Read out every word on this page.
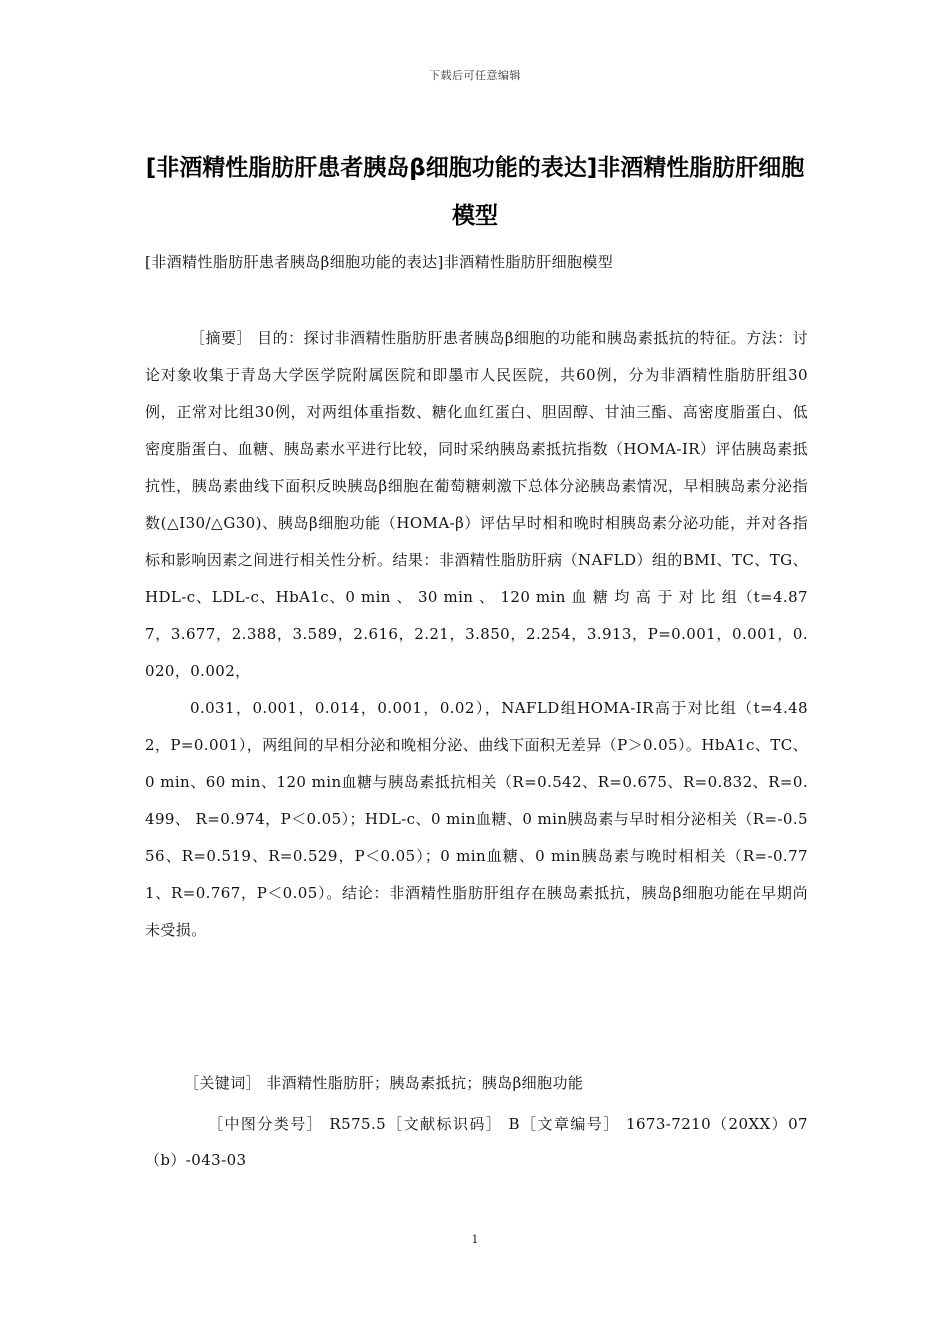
下载后可任意编辑
[非酒精性脂肪肝患者胰岛β细胞功能的表达]非酒精性脂肪肝细胞模型
[非酒精性脂肪肝患者胰岛β细胞功能的表达]非酒精性脂肪肝细胞模型

［摘要］ 目的：探讨非酒精性脂肪肝患者胰岛β细胞的功能和胰岛素抵抗的特征。方法：讨论对象收集于青岛大学医学院附属医院和即墨市人民医院，共60例，分为非酒精性脂肪肝组30例，正常对比组30例，对两组体重指数、糖化血红蛋白、胆固醇、甘油三酯、高密度脂蛋白、低密度脂蛋白、血糖、胰岛素水平进行比较，同时采纳胰岛素抵抗指数（HOMA-IR）评估胰岛素抵抗性，胰岛素曲线下面积反映胰岛β细胞在葡萄糖刺激下总体分泌胰岛素情况，早相胰岛素分泌指数(△I30/△G30)、胰岛β细胞功能（HOMA-β）评估早时相和晚时相胰岛素分泌功能，并对各指标和影响因素之间进行相关性分析。结果：非酒精性脂肪肝病（NAFLD）组的BMI、TC、TG、HDL-c、LDL-c、HbA1c、0 min 、 30 min 、 120 min 血 糖 均 高 于 对 比 组（t=4.877，3.677，2.388，3.589，2.616，2.21，3.850，2.254，3.913，P=0.001，0.001，0.020，0.002，

0.031，0.001，0.014，0.001，0.02），NAFLD组HOMA-IR高于对比组（t=4.482，P=0.001），两组间的早相分泌和晚相分泌、曲线下面积无差异（P＞0.05）。HbA1c、TC、0 min、60 min、120 min血糖与胰岛素抵抗相关（R=0.542、R=0.675、R=0.832、R=0.499、 R=0.974，P＜0.05）；HDL-c、0 min血糖、0 min胰岛素与早时相分泌相关（R=-0.556、R=0.519、R=0.529，P＜0.05）；0 min血糖、0 min胰岛素与晚时相相关（R=-0.771、R=0.767，P＜0.05）。结论：非酒精性脂肪肝组存在胰岛素抵抗，胰岛β细胞功能在早期尚未受损。

［关键词］ 非酒精性脂肪肝；胰岛素抵抗；胰岛β细胞功能
［中图分类号］ R575.5［文献标识码］ B［文章编号］ 1673-7210（20XX）07（b）-043-03
1
